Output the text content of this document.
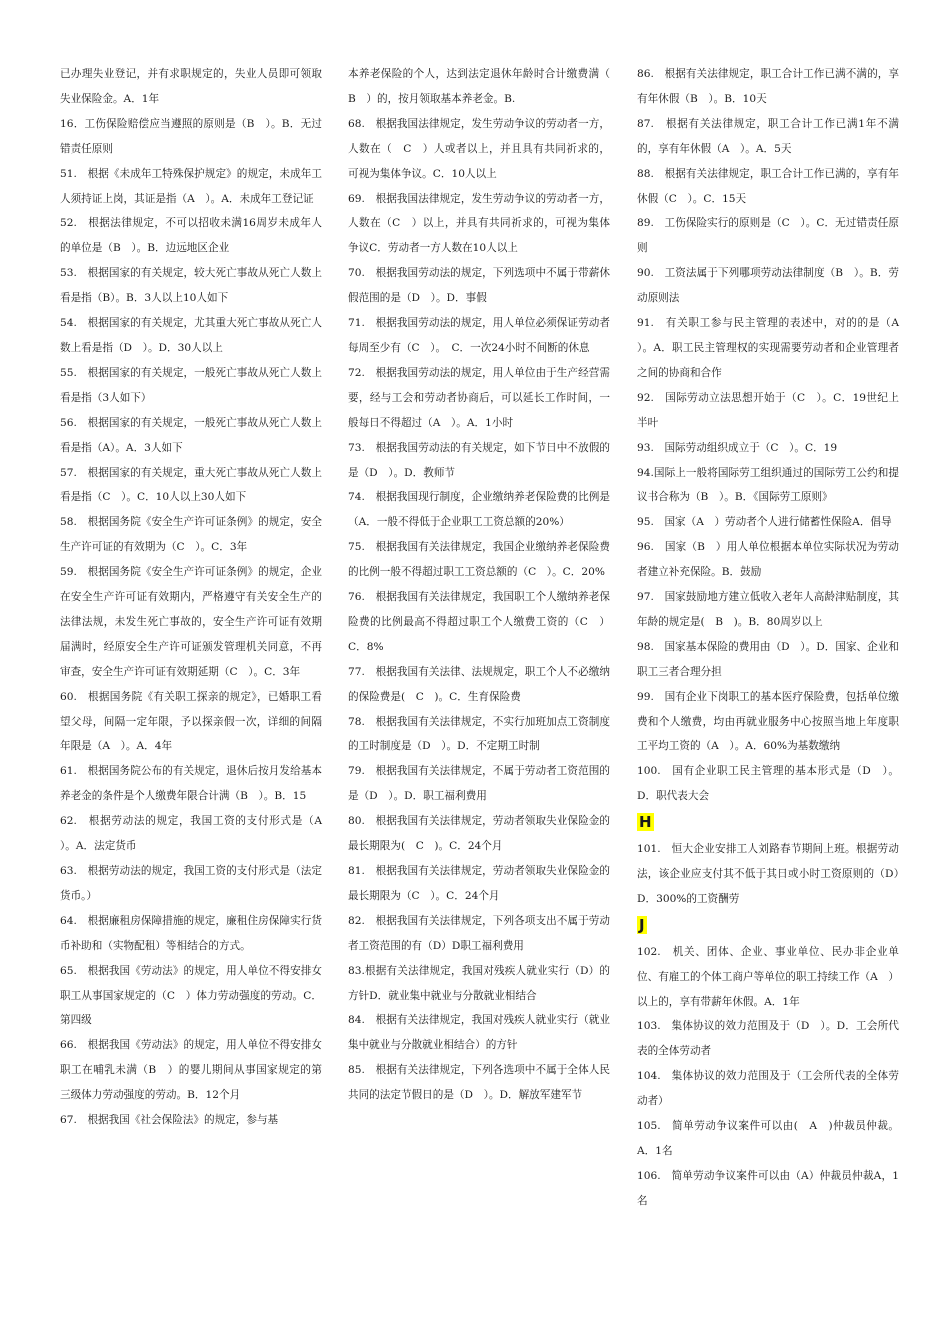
已办理失业登记，并有求职规定的，失业人员即可领取失业保险金。A．1年

16．工伤保险赔偿应当遵照的原则是（B　）。B．无过错责任原则

51.　根据《未成年工特殊保护规定》的规定，未成年工人须持证上岗，其证是指（A　）。A．未成年工登记证

52.　根据法律规定，不可以招收未满16周岁未成年人的单位是（B　）。B．边远地区企业

53.　根据国家的有关规定，较大死亡事故从死亡人数上看是指（B）。B．3人以上10人如下

54.　根据国家的有关规定，尤其重大死亡事故从死亡人数上看是指（D　）。D．30人以上

55.　根据国家的有关规定，一般死亡事故从死亡人数上看是指（3人如下）

56.　根据国家的有关规定，一般死亡事故从死亡人数上看是指（A）。A．3人如下

57.　根据国家的有关规定，重大死亡事故从死亡人数上看是指（C　）。C．10人以上30人如下

58.　根据国务院《安全生产许可证条例》的规定，安全生产许可证的有效期为（C　）。C．3年

59.　根据国务院《安全生产许可证条例》的规定，企业在安全生产许可证有效期内，严格遵守有关安全生产的法律法规，未发生死亡事故的，安全生产许可证有效期届满时，经原安全生产许可证颁发管理机关同意，不再审查，安全生产许可证有效期延期（C　）。C．3年

60.　根据国务院《有关职工探亲的规定》，已婚职工看望父母，间隔一定年限，予以探亲假一次，详细的间隔年限是（A　）。A．4年

61.　根据国务院公布的有关规定，退休后按月发给基本养老金的条件是个人缴费年限合计满（B　）。B．15

62.　根据劳动法的规定，我国工资的支付形式是（A　）。A．法定货币

63.　根据劳动法的规定，我国工资的支付形式是（法定货币。）

64.　根据廉租房保障措施的规定，廉租住房保障实行货币补助和（实物配租）等相结合的方式。

65.　根据我国《劳动法》的规定，用人单位不得安排女职工从事国家规定的（C　）体力劳动强度的劳动。C．第四级

66.　根据我国《劳动法》的规定，用人单位不得安排女职工在哺乳未满（B　）的婴儿期间从事国家规定的第三级体力劳动强度的劳动。B．12个月

67.　根据我国《社会保险法》的规定，参与基

本养老保险的个人，达到法定退休年龄时合计缴费满（　B　）的，按月领取基本养老金。B.

68.　根据我国法律规定，发生劳动争议的劳动者一方，人数在（　C　）人或者以上，并且具有共同祈求的，可视为集体争议。C．10人以上

69.　根据我国法律规定，发生劳动争议的劳动者一方，人数在（C　）以上，并具有共同祈求的，可视为集体争议C．劳动者一方人数在10人以上

70.　根据我国劳动法的规定，下列选项中不属于带薪休假范围的是（D　）。D．事假

71.　根据我国劳动法的规定，用人单位必须保证劳动者每周至少有（C　）。　C．一次24小时不间断的休息

72.　根据我国劳动法的规定，用人单位由于生产经营需要，经与工会和劳动者协商后，可以延长工作时间，一般每日不得超过（A　）。A．1小时

73.　根据我国劳动法的有关规定，如下节日中不放假的是（D　）。D．教师节

74.　根据我国现行制度，企业缴纳养老保险费的比例是（A．一般不得低于企业职工工资总额的20%）

75.　根据我国有关法律规定，我国企业缴纳养老保险费的比例一般不得超过职工工资总额的（C　）。C．20%

76.　根据我国有关法律规定，我国职工个人缴纳养老保险费的比例最高不得超过职工个人缴费工资的（C　）C．8%

77.　根据我国有关法律、法规规定，职工个人不必缴纳的保险费是(　C　)。C．生育保险费

78.　根据我国有关法律规定，不实行加班加点工资制度的工时制度是（D　）。D．不定期工时制

79.　根据我国有关法律规定，不属于劳动者工资范围的是（D　）。D．职工福利费用

80.　根据我国有关法律规定，劳动者领取失业保险金的最长期限为(　C　)。C．24个月

81.　根据我国有关法律规定，劳动者领取失业保险金的最长期限为（C　）。C．24个月

82.　根据我国有关法律规定，下列各项支出不属于劳动者工资范围的有（D）D职工福利费用

83.根据有关法律规定，我国对残疾人就业实行（D）的方针D．就业集中就业与分散就业相结合

84.　根据有关法律规定，我国对残疾人就业实行（就业集中就业与分散就业相结合）的方针

85.　根据有关法律规定，下列各选项中不属于全体人民共同的法定节假日的是（D　）。D．解放军建军节

86.　根据有关法律规定，职工合计工作已满不满的，享有年休假（B　）。B．10天

87.　根据有关法律规定，职工合计工作已满1年不满的，享有年休假（A　）。A．5天

88.　根据有关法律规定，职工合计工作已满的，享有年休假（C　）。C．15天

89.　工伤保险实行的原则是（C　）。C．无过错责任原则

90.　工资法属于下列哪项劳动法律制度（B　）。B．劳动原则法

91.　有关职工参与民主管理的表述中，对的的是（A　）。A．职工民主管理权的实现需要劳动者和企业管理者之间的协商和合作

92.　国际劳动立法思想开始于（C　）。C．19世纪上半叶

93.　国际劳动组织成立于（C　）。C．19

94.国际上一般将国际劳工组织通过的国际劳工公约和提议书合称为（B　）。B．《国际劳工原则》

95.　国家（A　）劳动者个人进行储蓄性保险A．倡导

96.　国家（B　）用人单位根据本单位实际状况为劳动者建立补充保险。B．鼓励

97.　国家鼓励地方建立低收入老年人高龄津贴制度，其年龄的规定是(　B　)。B．80周岁以上

98.　国家基本保险的费用由（D　）。D．国家、企业和职工三者合理分担

99.　国有企业下岗职工的基本医疗保险费，包括单位缴费和个人缴费，均由再就业服务中心按照当地上年度职工平均工资的（A　）。A．60%为基数缴纳

100.　国有企业职工民主管理的基本形式是（D　）。D．职代表大会

H

101.　恒大企业安排工人刘路春节期间上班。根据劳动法，该企业应支付其不低于其日或小时工资原则的（D）D．300%的工资酬劳

J

102.　机关、团体、企业、事业单位、民办非企业单位、有雇工的个体工商户等单位的职工持续工作（A　）以上的，享有带薪年休假。A．1年

103.　集体协议的效力范围及于（D　）。D．工会所代表的全体劳动者

104.　集体协议的效力范围及于（工会所代表的全体劳动者）

105.　简单劳动争议案件可以由(　A　)仲裁员仲裁。A．1名

106.　简单劳动争议案件可以由（A）仲裁员仲裁A，1名
